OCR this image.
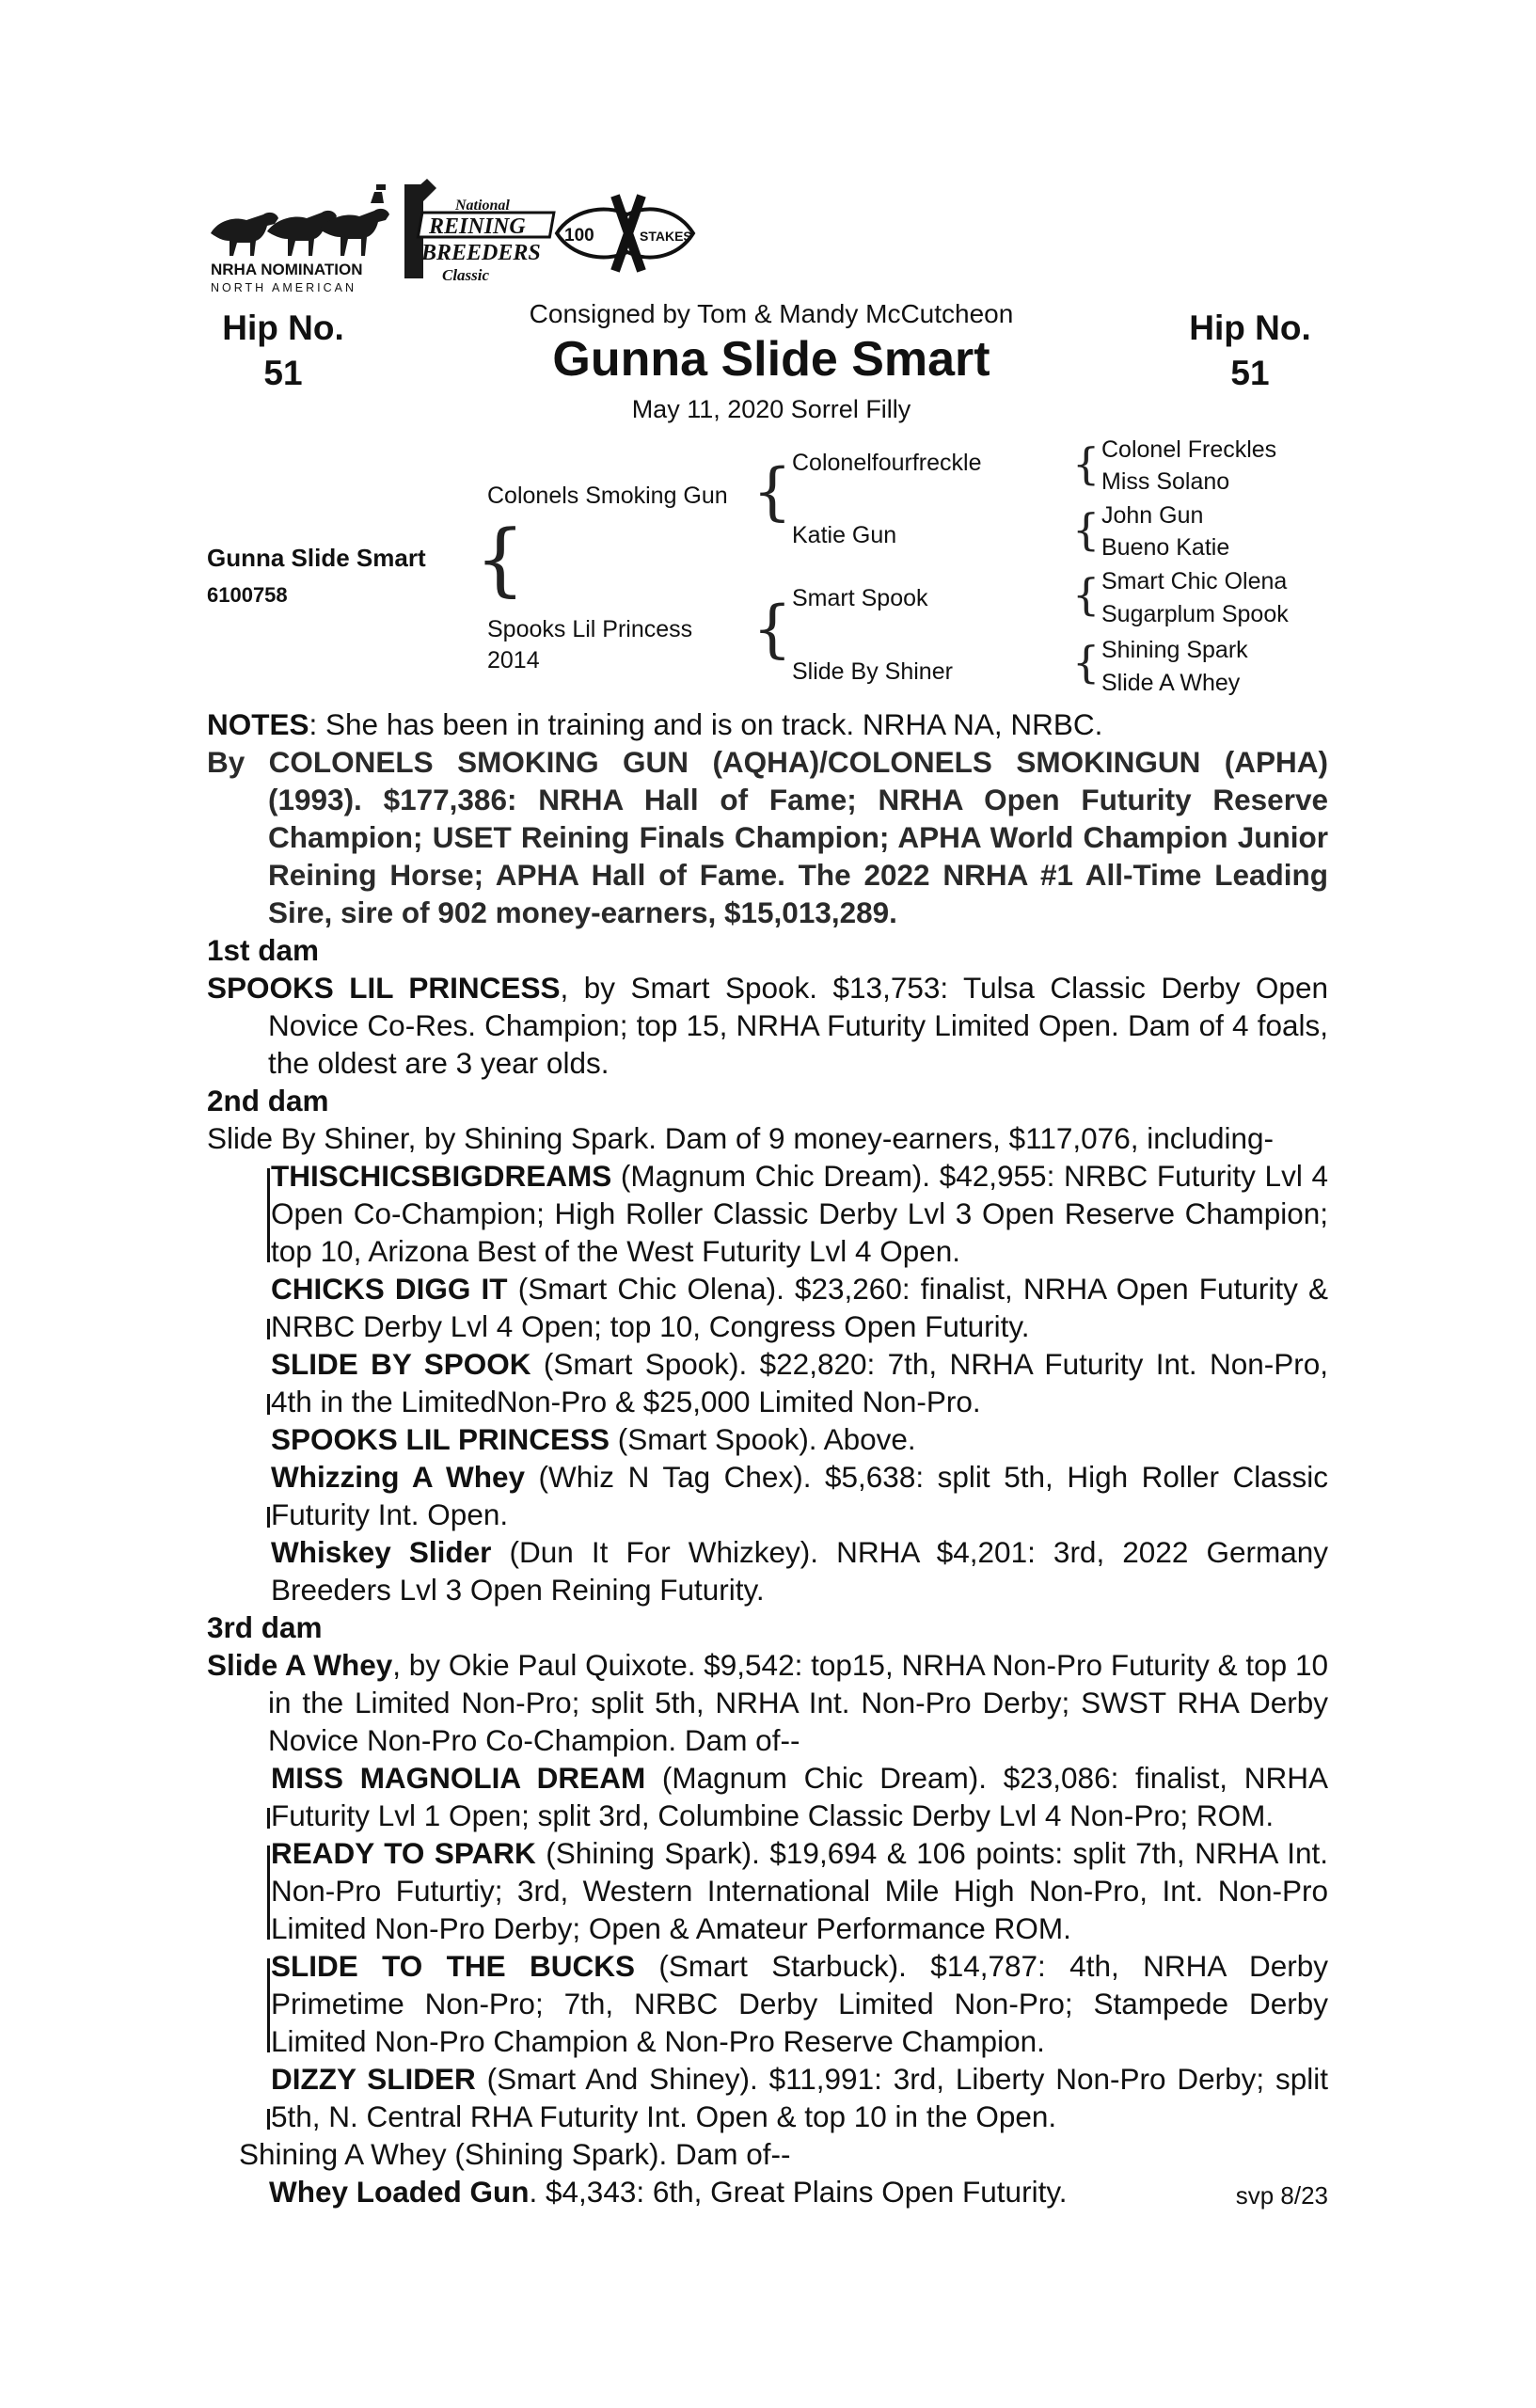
NRHA NOMINATION
NORTH AMERICAN
National
REINING
BREEDERS
Classic
100	STAKES
Hip No.
51
Hip No.
51
Consigned by Tom & Mandy McCutcheon
Gunna Slide Smart
May 11, 2020 Sorrel Filly
Gunna Slide Smart
6100758 {
Colonels Smoking Gun
Spooks Lil Princess
2014
{
{
Colonelfourfreckle
Katie Gun
Smart Spook
Slide By Shiner
{
{
{
{
Colonel Freckles
Miss Solano
John Gun
Bueno Katie
Smart Chic Olena
Sugarplum Spook
Shining Spark
Slide A Whey

NOTES: She has been in training and is on track. NRHA NA, NRBC.

By COLONELS SMOKING GUN (AQHA)/COLONELS SMOKINGUN (APHA) (1993). $177,386: NRHA Hall of Fame; NRHA Open Futurity Reserve Champion; USET Reining Finals Champion; APHA World Champion Junior Reining Horse; APHA Hall of Fame. The 2022 NRHA #1 All-Time Leading Sire, sire of 902 money-earners, $15,013,289.

1st dam

SPOOKS LIL PRINCESS, by Smart Spook. $13,753: Tulsa Classic Derby Open Novice Co-Res. Champion; top 15, NRHA Futurity Limited Open. Dam of 4 foals, the oldest are 3 year olds.

2nd dam

Slide By Shiner, by Shining Spark. Dam of 9 money-earners, $117,076, including-

THISCHICSBIGDREAMS (Magnum Chic Dream). $42,955: NRBC Futurity Lvl 4 Open Co-Champion; High Roller Classic Derby Lvl 3 Open Reserve Champion; top 10, Arizona Best of the West Futurity Lvl 4 Open.
CHICKS DIGG IT (Smart Chic Olena). $23,260: finalist, NRHA Open Futurity & NRBC Derby Lvl 4 Open; top 10, Congress Open Futurity.
SLIDE BY SPOOK (Smart Spook). $22,820: 7th, NRHA Futurity Int. Non-Pro, 4th in the LimitedNon-Pro & $25,000 Limited Non-Pro.
SPOOKS LIL PRINCESS (Smart Spook). Above.
Whizzing A Whey (Whiz N Tag Chex). $5,638: split 5th, High Roller Classic Futurity Int. Open.
Whiskey Slider (Dun It For Whizkey). NRHA $4,201: 3rd, 2022 Germany Breeders Lvl 3 Open Reining Futurity.

3rd dam

Slide A Whey, by Okie Paul Quixote. $9,542: top15, NRHA Non-Pro Futurity & top 10 in the Limited Non-Pro; split 5th, NRHA Int. Non-Pro Derby; SWST RHA Derby Novice Non-Pro Co-Champion. Dam of--

MISS MAGNOLIA DREAM (Magnum Chic Dream). $23,086: finalist, NRHA Futurity Lvl 1 Open; split 3rd, Columbine Classic Derby Lvl 4 Non-Pro; ROM.
READY TO SPARK (Shining Spark). $19,694 & 106 points: split 7th, NRHA Int. Non-Pro Futurtiy; 3rd, Western International Mile High Non-Pro, Int. Non-Pro Limited Non-Pro Derby; Open & Amateur Performance ROM.
SLIDE TO THE BUCKS (Smart Starbuck). $14,787: 4th, NRHA Derby Primetime Non-Pro; 7th, NRBC Derby Limited Non-Pro; Stampede Derby Limited Non-Pro Champion & Non-Pro Reserve Champion.
DIZZY SLIDER (Smart And Shiney). $11,991: 3rd, Liberty Non-Pro Derby; split 5th, N. Central RHA Futurity Int. Open & top 10 in the Open.

Shining A Whey (Shining Spark). Dam of--

Whey Loaded Gun. $4,343: 6th, Great Plains Open Futurity.	svp 8/23
